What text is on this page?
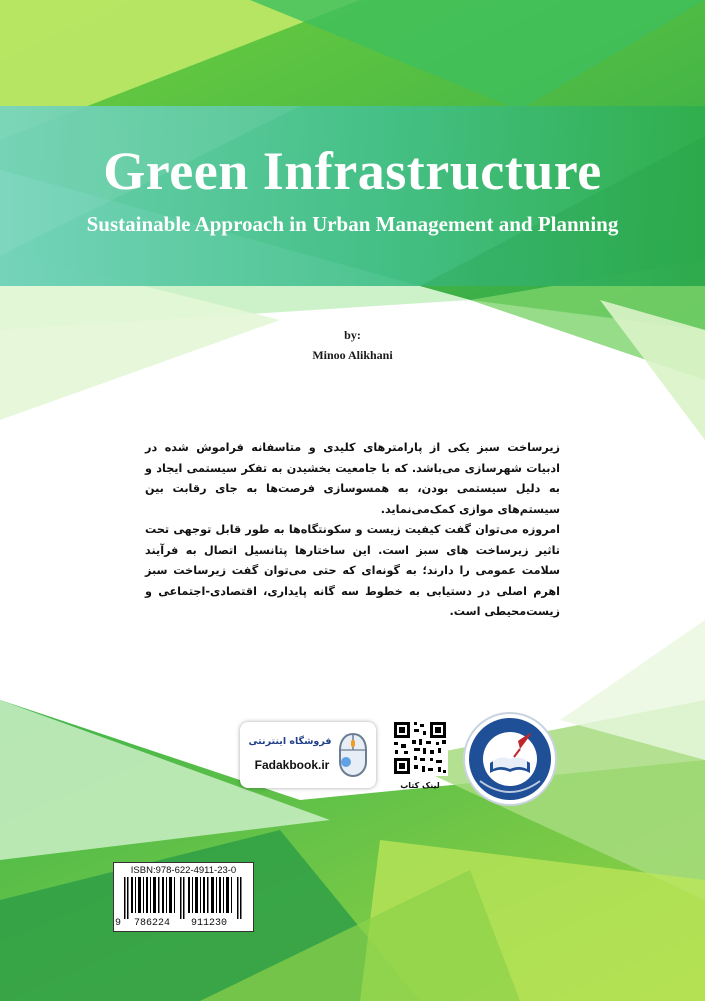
Green Infrastructure
Sustainable Approach in Urban Management and Planning
by:
Minoo Alikhani

زیرساخت سبز یکی از پارامترهای کلیدی و متاسفانه فراموش شده در ادبیات شهرسازی می‌باشد. که با جامعیت بخشیدن به تفکر سیستمی ایجاد و به دلیل سیستمی بودن، به همسوسازی فرصت‌ها به جای رقابت بین سیستم‌های موازی کمک‌می‌نماید.

امروزه می‌توان گفت کیفیت زیست و سکونتگاه‌ها به طور قابل توجهی تحت تاثیر زیرساخت های سبز است. این ساختارها پتانسیل اتصال به فرآیند سلامت عمومی را دارند؛ به گونه‌ای که حتی می‌توان گفت زیرساخت سبز اهرم اصلی در دستیابی به خطوط سه گانه پایداری، اقتصادی-اجتماعی و زیست‌محیطی است.

فروشگاه اینترنتی
Fadakbook.ir
لینک کتاب
ISBN:978-622-4911-23-0
9 786224 911230
